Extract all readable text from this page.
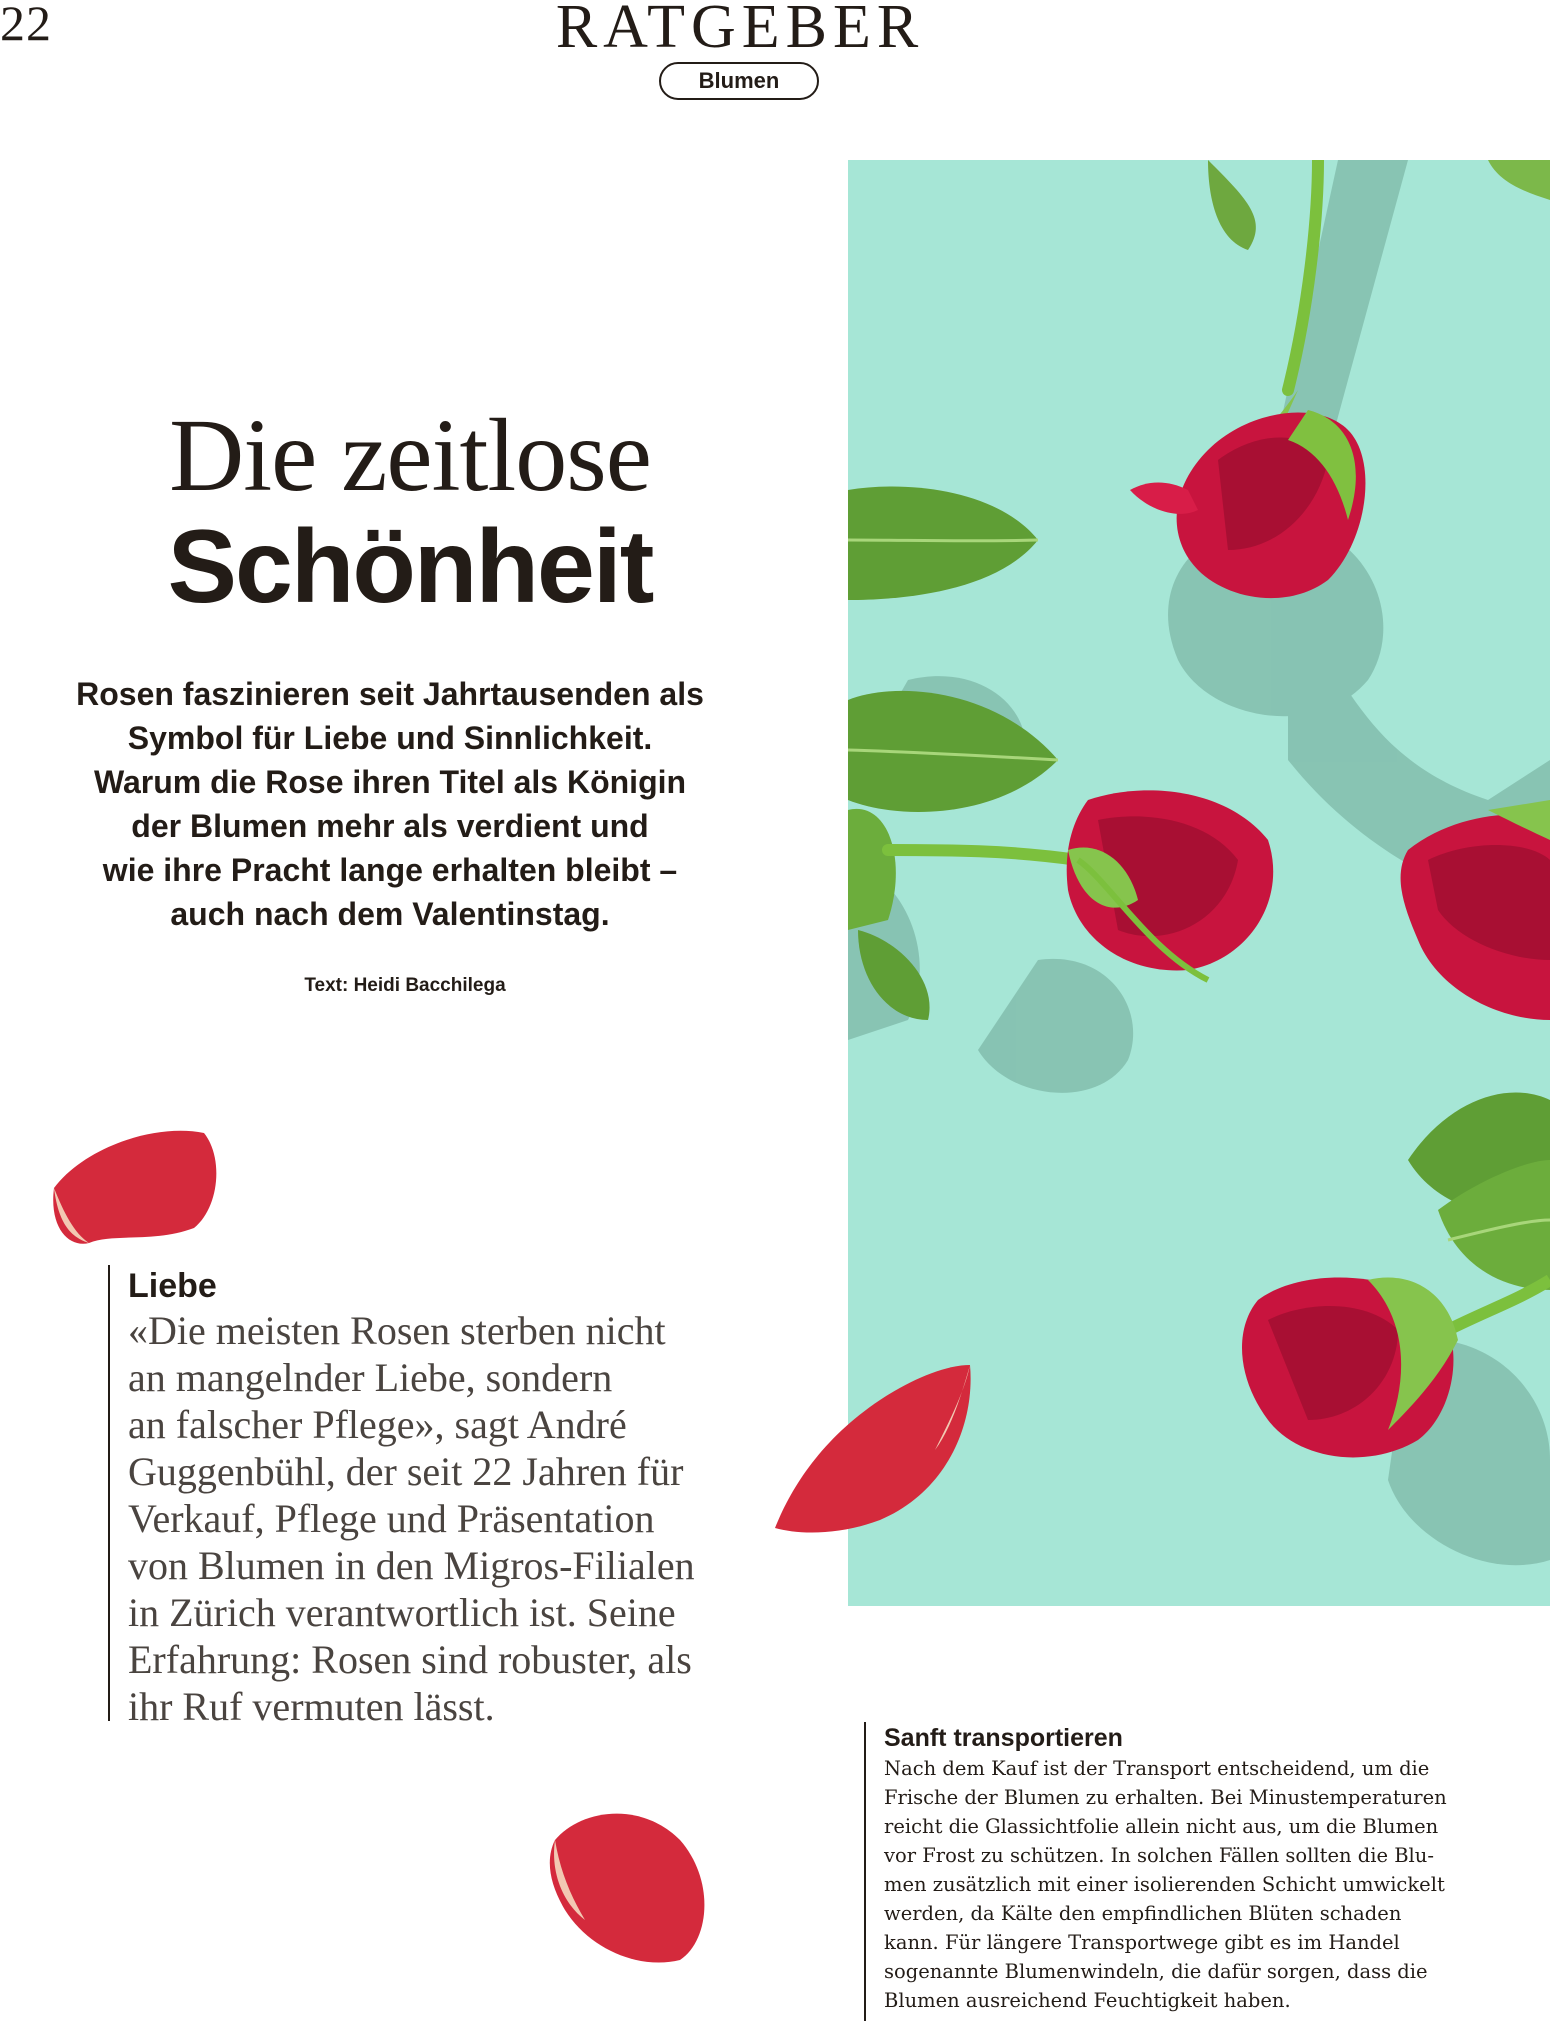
22	RATGEBER
Blumen
Die zeitlose
Schönheit
Rosen faszinieren seit Jahrtausenden als
Symbol für Liebe und Sinnlichkeit.
Warum die Rose ihren Titel als Königin
der Blumen mehr als verdient und
wie ihre Pracht lange erhalten bleibt –
auch nach dem Valentinstag.
Text: Heidi Bacchilega
Liebe
«Die meisten Rosen sterben nicht
an mangelnder Liebe, sondern
an falscher Pflege», sagt André
Guggenbühl, der seit 22 Jahren für
Verkauf, Pflege und Präsentation
von Blumen in den Migros-Filialen
in Zürich verantwortlich ist. Seine
Erfahrung: Rosen sind robuster, als
ihr Ruf vermuten lässt.
Sanft transportieren
Nach dem Kauf ist der Transport entscheidend, um die
Frische der Blumen zu erhalten. Bei Minustemperaturen
reicht die Glassichtfolie allein nicht aus, um die Blumen
vor Frost zu schützen. In solchen Fällen sollten die Blu-
men zusätzlich mit einer isolierenden Schicht umwickelt
werden, da Kälte den empfindlichen Blüten schaden
kann. Für längere Transportwege gibt es im Handel
sogenannte Blumenwindeln, die dafür sorgen, dass die
Blumen ausreichend Feuchtigkeit haben.
